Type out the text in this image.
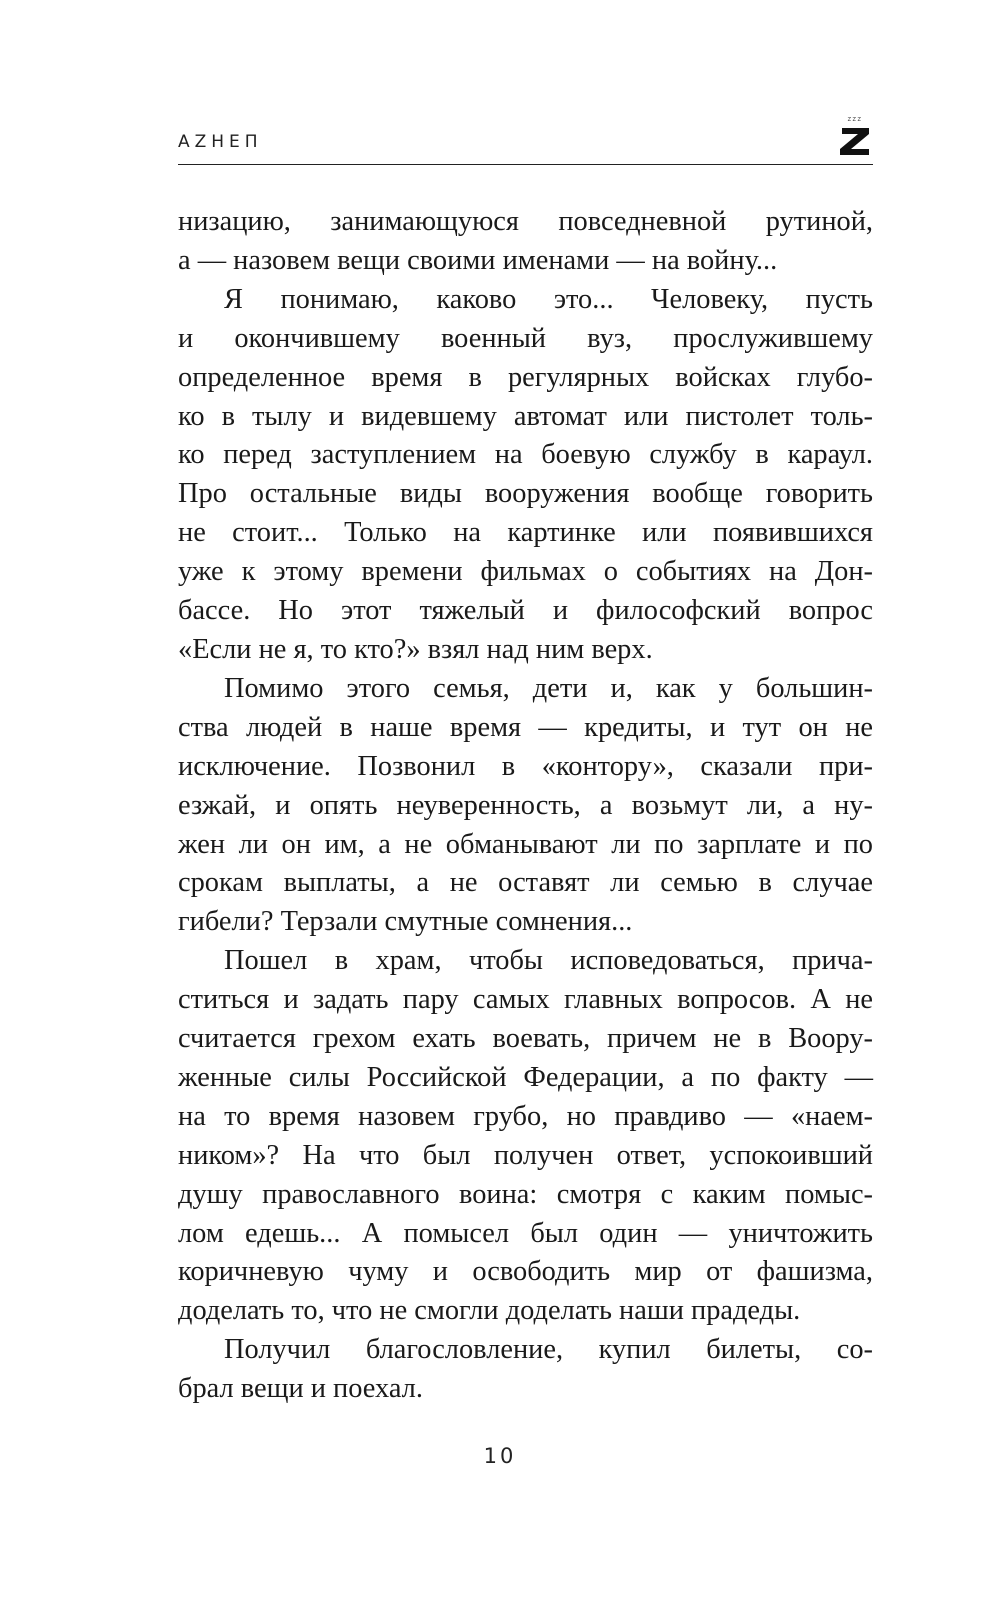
AZHEП
ZZZ
низацию, занимающуюся повседневной рутиной,
а — назовем вещи своими именами — на войну...
Я понимаю, каково это... Человеку, пусть
и окончившему военный вуз, прослужившему
определенное время в регулярных войсках глубо-
ко в тылу и видевшему автомат или пистолет толь-
ко перед заступлением на боевую службу в караул.
Про остальные виды вооружения вообще говорить
не стоит... Только на картинке или появившихся
уже к этому времени фильмах о событиях на Дон-
бассе. Но этот тяжелый и философский вопрос
«Если не я, то кто?» взял над ним верх.
Помимо этого семья, дети и, как у большин-
ства людей в наше время — кредиты, и тут он не
исключение. Позвонил в «контору», сказали при-
езжай, и опять неуверенность, а возьмут ли, а ну-
жен ли он им, а не обманывают ли по зарплате и по
срокам выплаты, а не оставят ли семью в случае
гибели? Терзали смутные сомнения...
Пошел в храм, чтобы исповедоваться, прича-
ститься и задать пару самых главных вопросов. А не
считается грехом ехать воевать, причем не в Воору-
женные силы Российской Федерации, а по факту —
на то время назовем грубо, но правдиво — «наем-
ником»? На что был получен ответ, успокоивший
душу православного воина: смотря с каким помыс-
лом едешь... А помысел был один — уничтожить
коричневую чуму и освободить мир от фашизма,
доделать то, что не смогли доделать наши прадеды.
Получил благословление, купил билеты, со-
брал вещи и поехал.
10
